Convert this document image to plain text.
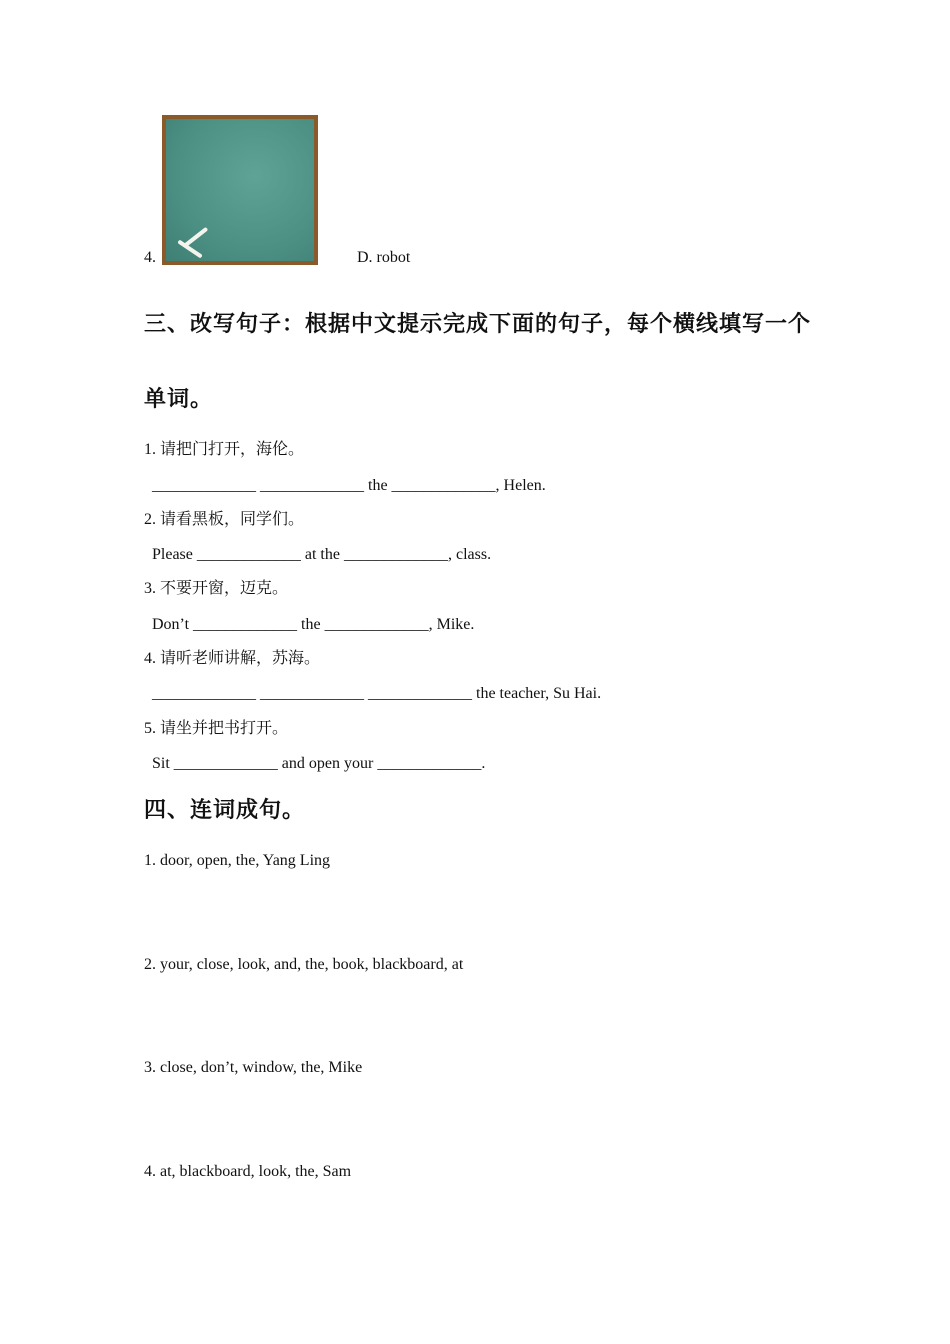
4.	D. robot
三、改写句子：根据中文提示完成下面的句子，每个横线填写一个
单词。
1. 请把门打开，海伦。
_____________ _____________ the _____________, Helen.
2. 请看黑板，同学们。
Please _____________ at the _____________, class.
3. 不要开窗，迈克。
Don’t _____________ the _____________, Mike.
4. 请听老师讲解，苏海。
_____________ _____________ _____________ the teacher, Su Hai.
5. 请坐并把书打开。
Sit _____________ and open your _____________.
四、连词成句。
1. door, open, the, Yang Ling
2. your, close, look, and, the, book, blackboard, at
3. close, don’t, window, the, Mike
4. at, blackboard, look, the, Sam
